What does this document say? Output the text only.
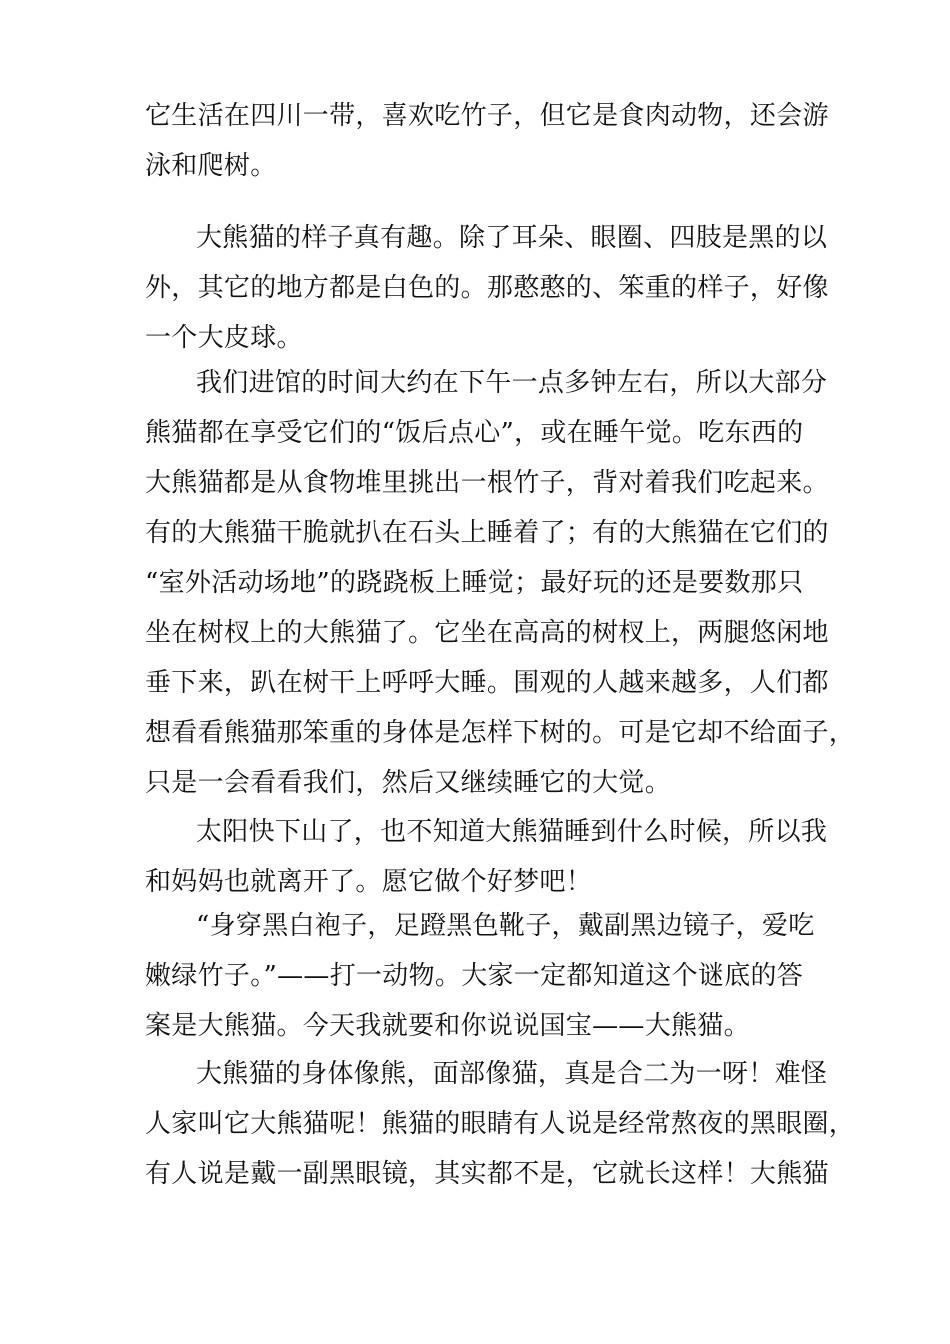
它生活在四川一带，喜欢吃竹子，但它是食肉动物，还会游
泳和爬树。
大熊猫的样子真有趣。除了耳朵、眼圈、四肢是黑的以
外，其它的地方都是白色的。那憨憨的、笨重的样子，好像
一个大皮球。
我们进馆的时间大约在下午一点多钟左右，所以大部分
熊猫都在享受它们的“饭后点心”，或在睡午觉。吃东西的
大熊猫都是从食物堆里挑出一根竹子，背对着我们吃起来。
有的大熊猫干脆就扒在石头上睡着了；有的大熊猫在它们的
“室外活动场地”的跷跷板上睡觉；最好玩的还是要数那只
坐在树杈上的大熊猫了。它坐在高高的树杈上，两腿悠闲地
垂下来，趴在树干上呼呼大睡。围观的人越来越多，人们都
想看看熊猫那笨重的身体是怎样下树的。可是它却不给面子，
只是一会看看我们，然后又继续睡它的大觉。
太阳快下山了，也不知道大熊猫睡到什么时候，所以我
和妈妈也就离开了。愿它做个好梦吧！
“身穿黑白袍子，足蹬黑色靴子，戴副黑边镜子，爱吃
嫩绿竹子。”——打一动物。大家一定都知道这个谜底的答
案是大熊猫。今天我就要和你说说国宝——大熊猫。
大熊猫的身体像熊，面部像猫，真是合二为一呀！难怪
人家叫它大熊猫呢！熊猫的眼睛有人说是经常熬夜的黑眼圈，
有人说是戴一副黑眼镜，其实都不是，它就长这样！大熊猫
